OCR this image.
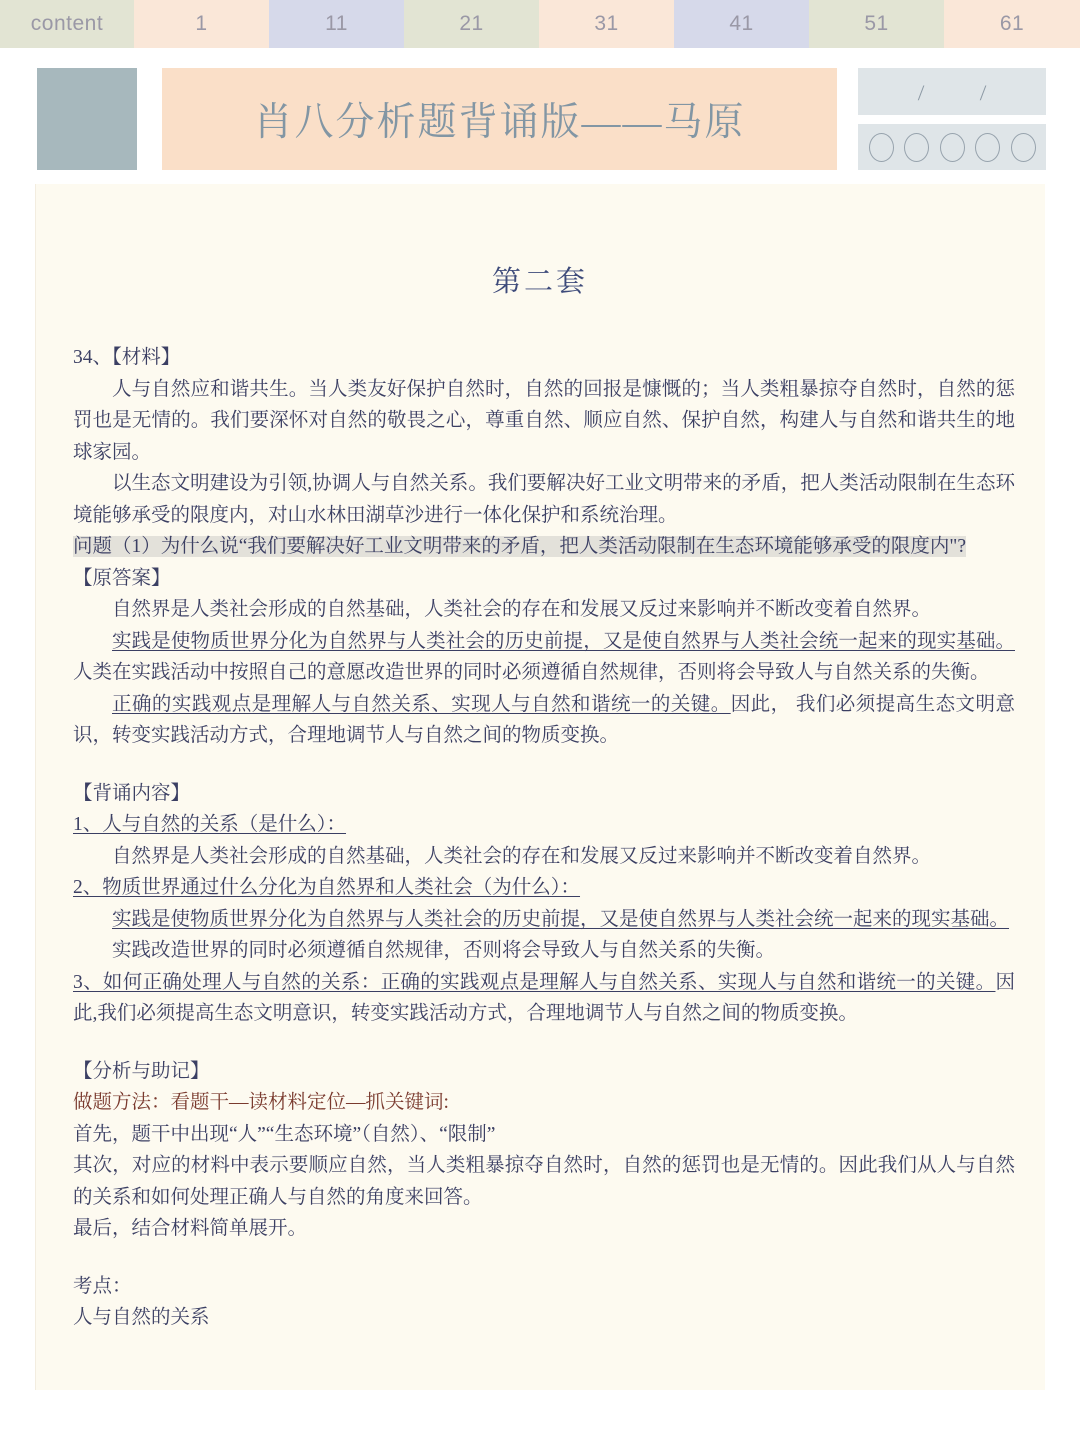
content	1	11	21	31	41	51	61
肖八分析题背诵版——马原
/	/
第二套

34、【材料】

人与自然应和谐共生。当人类友好保护自然时，自然的回报是慷慨的；当人类粗暴掠夺自然时，自然的惩罚也是无情的。我们要深怀对自然的敬畏之心，尊重自然、顺应自然、保护自然，构建人与自然和谐共生的地球家园。

以生态文明建设为引领,协调人与自然关系。我们要解决好工业文明带来的矛盾，把人类活动限制在生态环境能够承受的限度内，对山水林田湖草沙进行一体化保护和系统治理。

问题（1）为什么说“我们要解决好工业文明带来的矛盾，把人类活动限制在生态环境能够承受的限度内"?

【原答案】

自然界是人类社会形成的自然基础，人类社会的存在和发展又反过来影响并不断改变着自然界。

实践是使物质世界分化为自然界与人类社会的历史前提，又是使自然界与人类社会统一起来的现实基础。人类在实践活动中按照自己的意愿改造世界的同时必须遵循自然规律，否则将会导致人与自然关系的失衡。

正确的实践观点是理解人与自然关系、实现人与自然和谐统一的关键。因此， 我们必须提高生态文明意识，转变实践活动方式，合理地调节人与自然之间的物质变换。

【背诵内容】

1、人与自然的关系（是什么）：

自然界是人类社会形成的自然基础，人类社会的存在和发展又反过来影响并不断改变着自然界。

2、物质世界通过什么分化为自然界和人类社会（为什么）：

实践是使物质世界分化为自然界与人类社会的历史前提，又是使自然界与人类社会统一起来的现实基础。

实践改造世界的同时必须遵循自然规律，否则将会导致人与自然关系的失衡。

3、如何正确处理人与自然的关系：正确的实践观点是理解人与自然关系、实现人与自然和谐统一的关键。因此,我们必须提高生态文明意识，转变实践活动方式，合理地调节人与自然之间的物质变换。

【分析与助记】

做题方法：看题干—读材料定位—抓关键词:

首先，题干中出现“人”“生态环境”（自然）、“限制”

其次，对应的材料中表示要顺应自然，当人类粗暴掠夺自然时，自然的惩罚也是无情的。因此我们从人与自然的关系和如何处理正确人与自然的角度来回答。

最后，结合材料简单展开。

考点：

人与自然的关系
